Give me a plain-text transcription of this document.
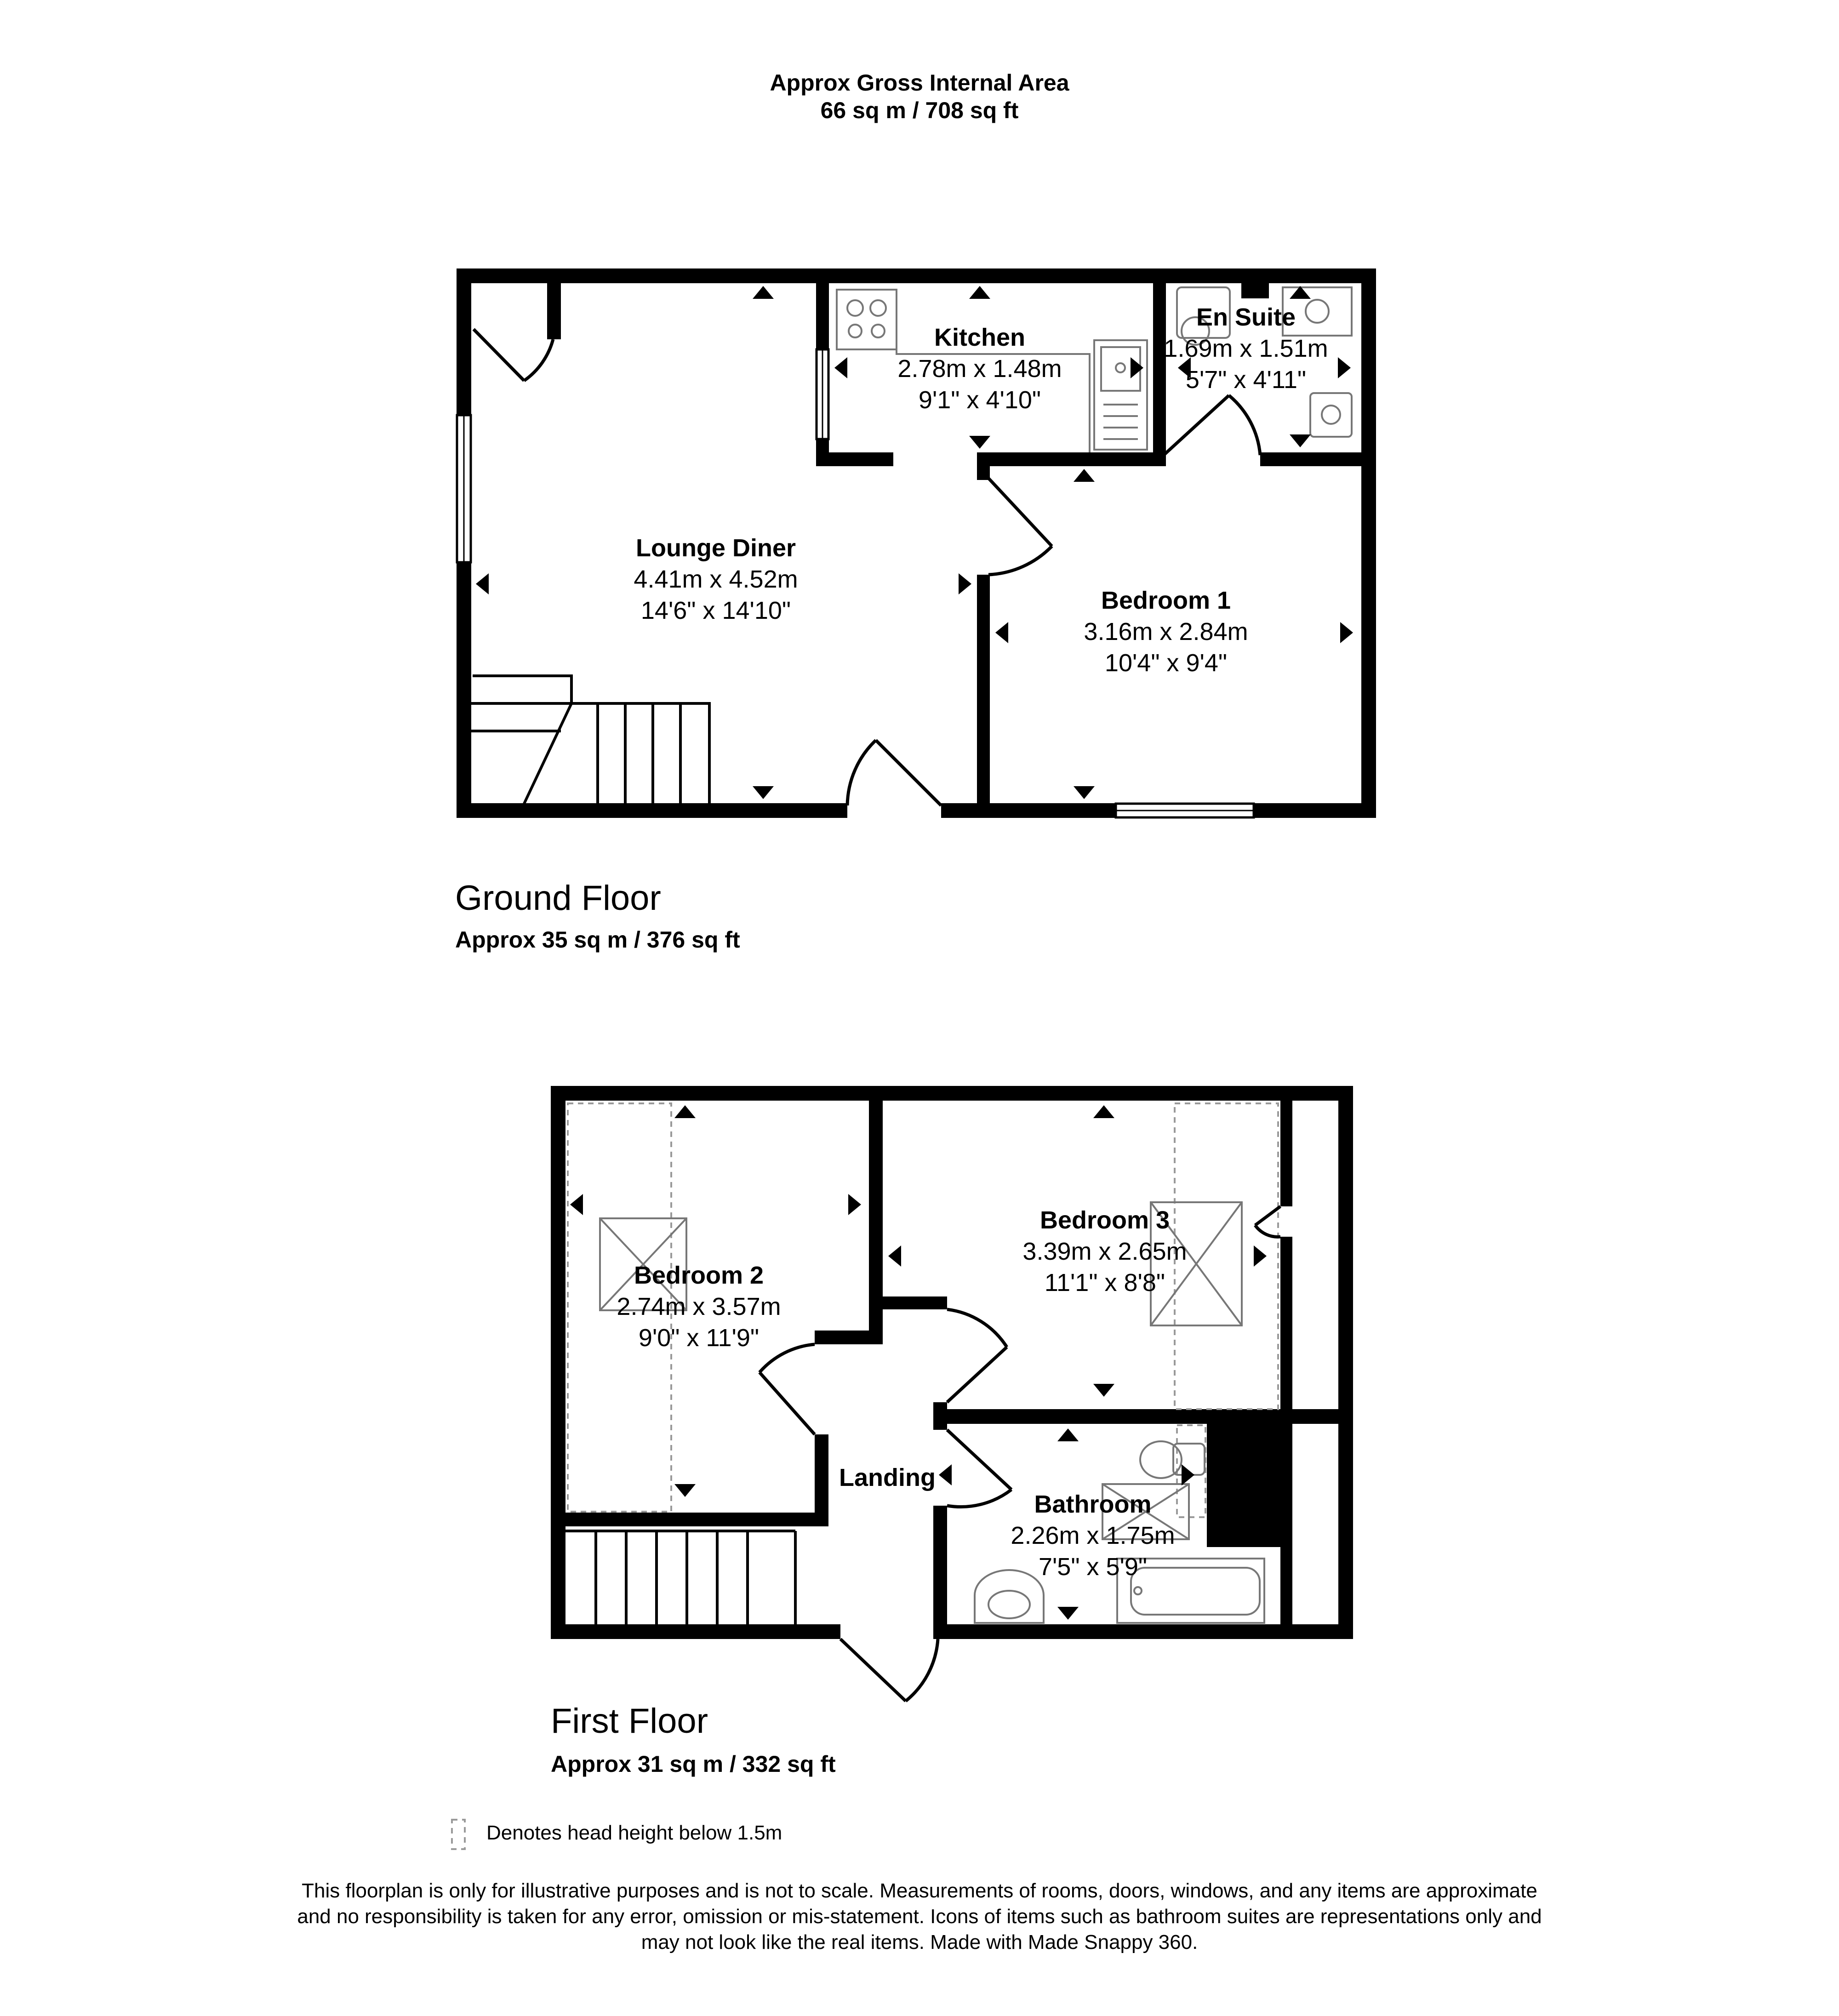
Approx Gross Internal Area
66 sq m / 708 sq ft
Kitchen
2.78m x 1.48m
9'1" x 4'10"
En Suite
1.69m x 1.51m
5'7" x 4'11"
Lounge Diner
4.41m x 4.52m
14'6" x 14'10"	Bedroom 1
3.16m x 2.84m
10'4" x 9'4"
Ground Floor
Approx 35 sq m / 376 sq ft
Bedroom 2
2.74m x 3.57m
9'0" x 11'9"
Bedroom 3
3.39m x 2.65m
11'1" x 8'8"
Landing
Bathroom
2.26m x 1.75m
7'5" x 5'9"
First Floor
Approx 31 sq m / 332 sq ft
Denotes head height below 1.5m
This floorplan is only for illustrative purposes and is not to scale. Measurements of rooms, doors, windows, and any items are approximate
and no responsibility is taken for any error, omission or mis-statement. Icons of items such as bathroom suites are representations only and
may not look like the real items. Made with Made Snappy 360.
